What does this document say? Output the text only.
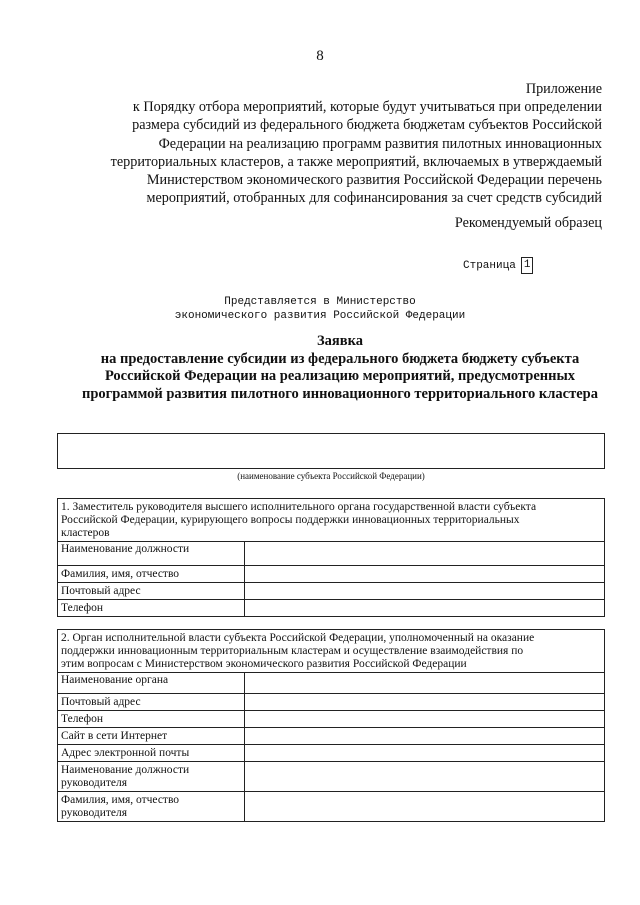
8
Приложение
к Порядку отбора мероприятий, которые будут учитываться при определении
размера субсидий из федерального бюджета бюджетам субъектов Российской
Федерации на реализацию программ развития пилотных инновационных
территориальных кластеров, а также мероприятий, включаемых в утверждаемый
Министерством экономического развития Российской Федерации перечень
мероприятий, отобранных для софинансирования за счет средств субсидий
Рекомендуемый образец
Страница 1
Представляется в Министерство
экономического развития Российской Федерации
Заявка
на предоставление субсидии из федерального бюджета бюджету субъекта
Российской Федерации на реализацию мероприятий, предусмотренных
программой развития пилотного инновационного территориального кластера
(наименование субъекта Российской Федерации)
1. Заместитель руководителя высшего исполнительного органа государственной власти субъекта
Российской Федерации, курирующего вопросы поддержки инновационных территориальных
кластеров	

Наименование должности	
Фамилия, имя, отчество	
Почтовый адрес	
Телефон	
2. Орган исполнительной власти субъекта Российской Федерации, уполномоченный на оказание
поддержки инновационным территориальным кластерам и осуществление взаимодействия по
этим вопросам с Министерством экономического развития Российской Федерации	

Наименование органа	
Почтовый адрес	
Телефон	
Сайт в сети Интернет	
Адрес электронной почты	
Наименование должности руководителя	
Фамилия, имя, отчество руководителя	
